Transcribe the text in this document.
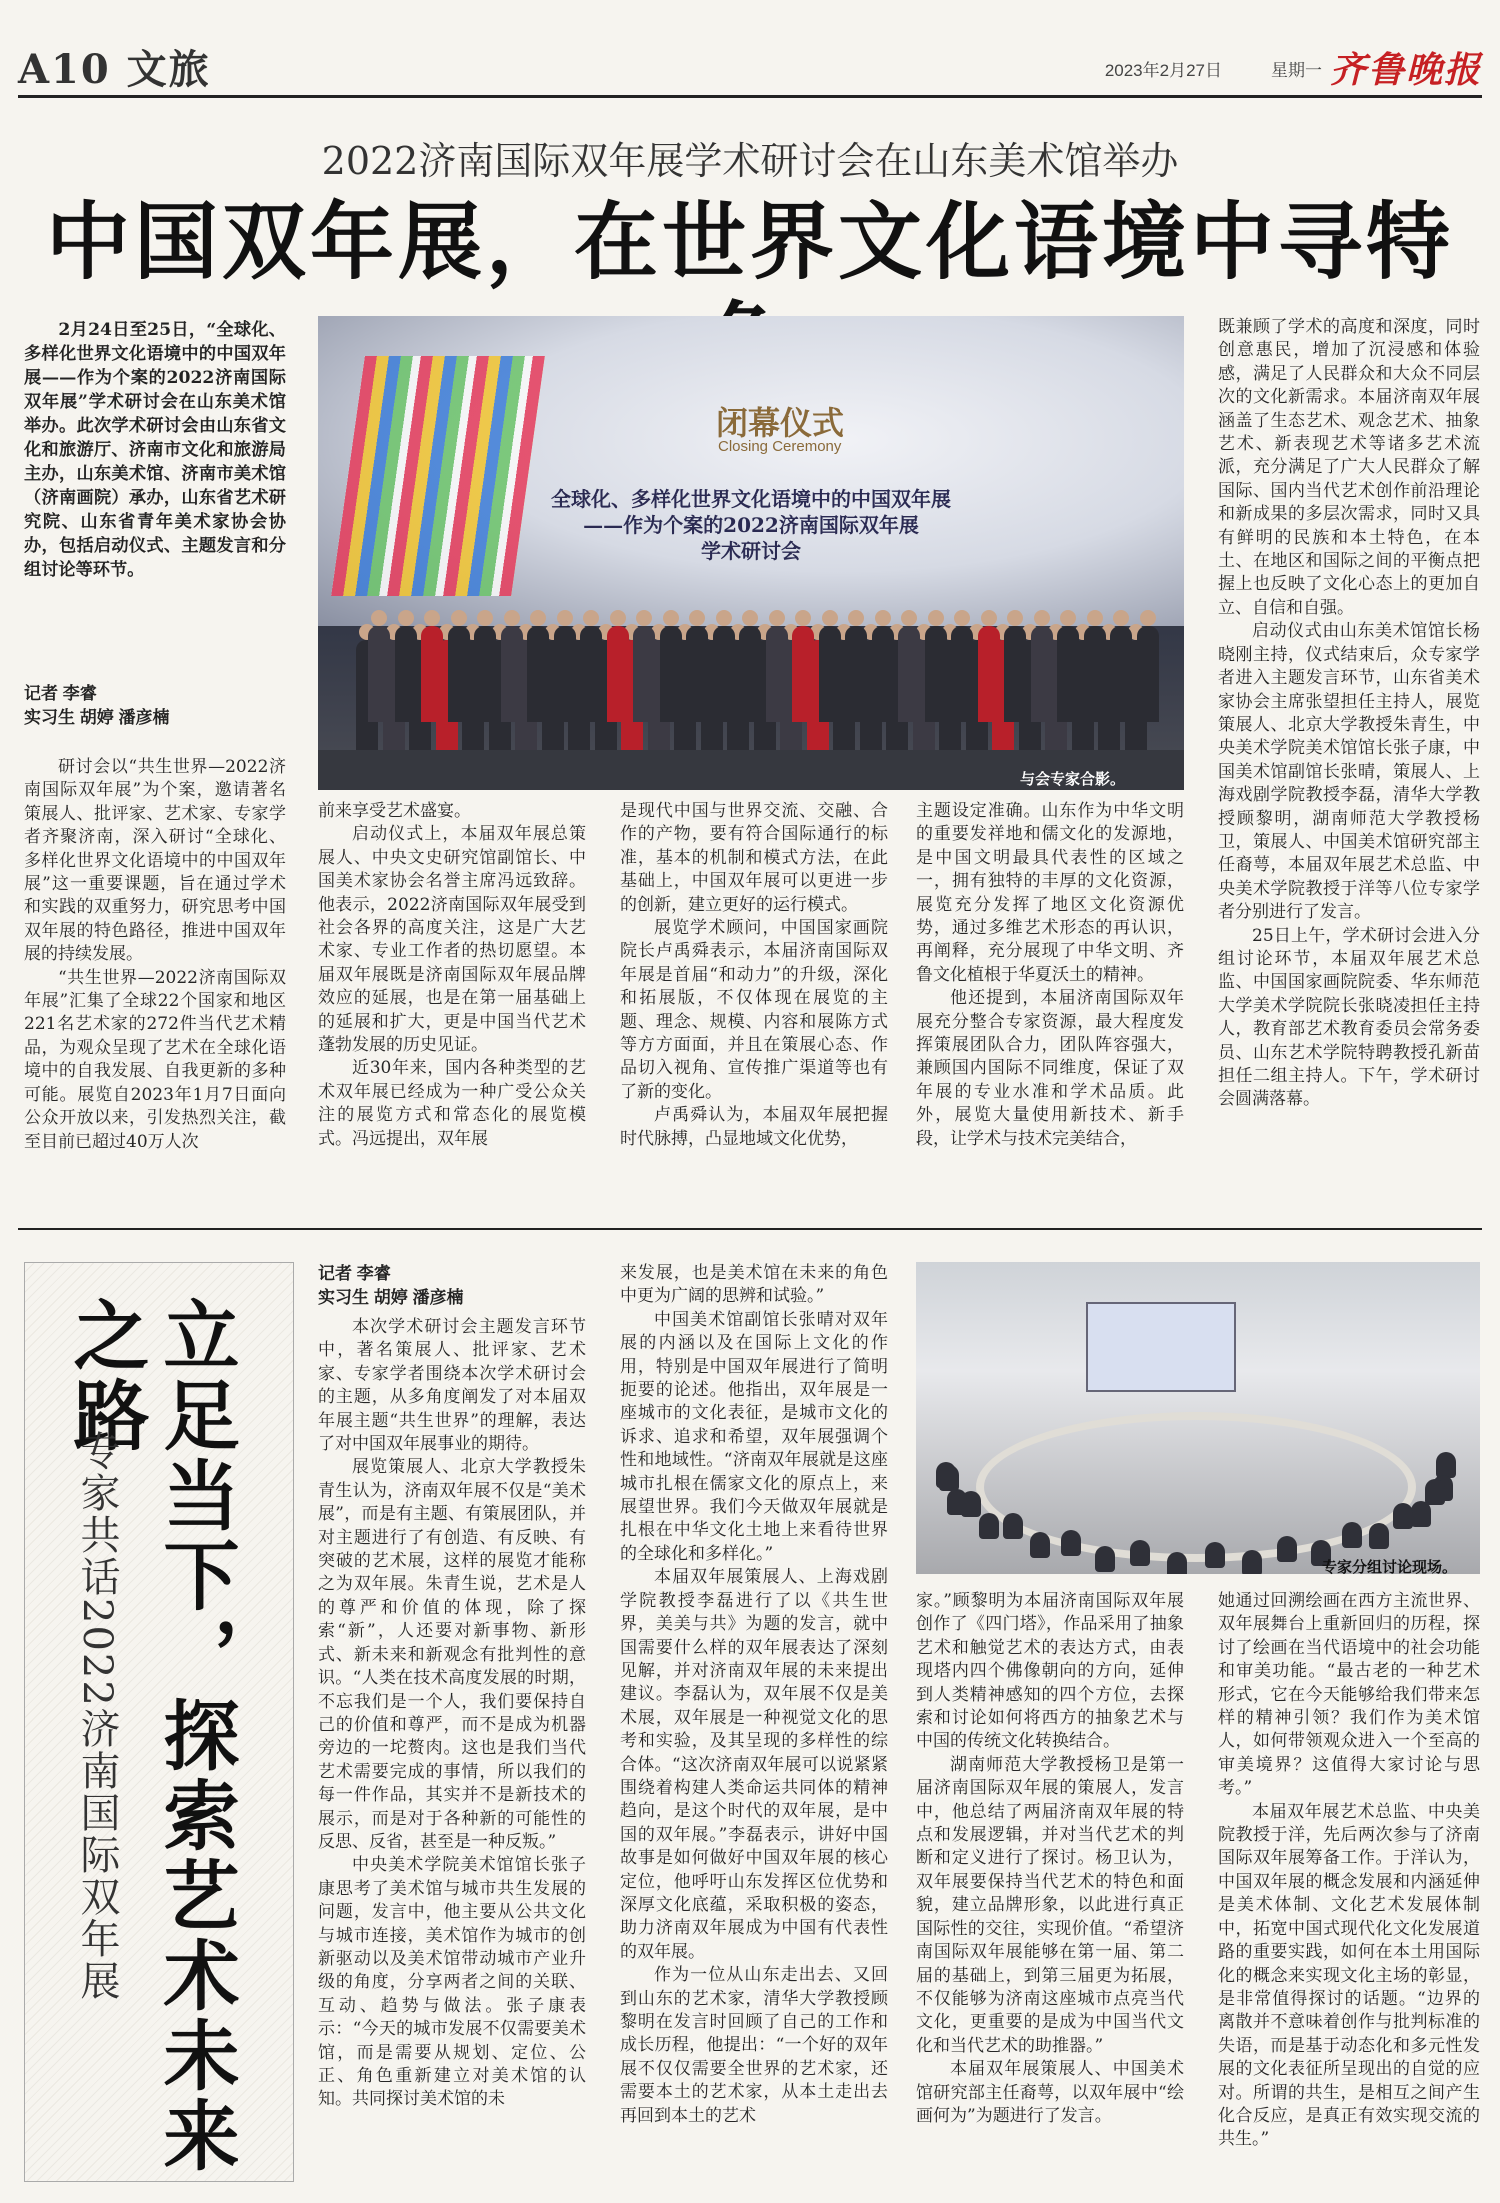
A10 文旅	2023年2月27日	星期一 齐鲁晚报
2022济南国际双年展学术研讨会在山东美术馆举办
中国双年展，在世界文化语境中寻特

2月24日至25日，“全球化、多样化世界文化语境中的中国双年展——作为个案的2022济南国际双年展”学术研讨会在山东美术馆举办。此次学术研讨会由山东省文化和旅游厅、济南市文化和旅游局主办，山东美术馆、济南市美术馆（济南画院）承办，山东省艺术研究院、山东省青年美术家协会协办，包括启动仪式、主题发言和分组讨论等环节。

记者 李睿
实习生 胡婷 潘彦楠

研讨会以“共生世界—2022济南国际双年展”为个案，邀请著名策展人、批评家、艺术家、专家学者齐聚济南，深入研讨“全球化、多样化世界文化语境中的中国双年展”这一重要课题，旨在通过学术和实践的双重努力，研究思考中国双年展的特色路径，推进中国双年展的持续发展。

“共生世界—2022济南国际双年展”汇集了全球22个国家和地区221名艺术家的272件当代艺术精品，为观众呈现了艺术在全球化语境中的自我发展、自我更新的多种可能。展览自2023年1月7日面向公众开放以来，引发热烈关注，截至目前已超过40万人次

闭幕仪式
Closing Ceremony
全球化、多样化世界文化语境中的中国双年展
——作为个案的2022济南国际双年展
学术研讨会
与会专家合影。

前来享受艺术盛宴。

启动仪式上，本届双年展总策展人、中央文史研究馆副馆长、中国美术家协会名誉主席冯远致辞。他表示，2022济南国际双年展受到社会各界的高度关注，这是广大艺术家、专业工作者的热切愿望。本届双年展既是济南国际双年展品牌效应的延展，也是在第一届基础上的延展和扩大，更是中国当代艺术蓬勃发展的历史见证。

近30年来，国内各种类型的艺术双年展已经成为一种广受公众关注的展览方式和常态化的展览模式。冯远提出，双年展

是现代中国与世界交流、交融、合作的产物，要有符合国际通行的标准，基本的机制和模式方法，在此基础上，中国双年展可以更进一步的创新，建立更好的运行模式。

展览学术顾问，中国国家画院院长卢禹舜表示，本届济南国际双年展是首届“和动力”的升级，深化和拓展版，不仅体现在展览的主题、理念、规模、内容和展陈方式等方方面面，并且在策展心态、作品切入视角、宣传推广渠道等也有了新的变化。

卢禹舜认为，本届双年展把握时代脉搏，凸显地域文化优势，

主题设定准确。山东作为中华文明的重要发祥地和儒文化的发源地，是中国文明最具代表性的区域之一，拥有独特的丰厚的文化资源，展览充分发挥了地区文化资源优势，通过多维艺术形态的再认识，再阐释，充分展现了中华文明、齐鲁文化植根于华夏沃土的精神。

他还提到，本届济南国际双年展充分整合专家资源，最大程度发挥策展团队合力，团队阵容强大，兼顾国内国际不同维度，保证了双年展的专业水准和学术品质。此外，展览大量使用新技术、新手段，让学术与技术完美结合，

既兼顾了学术的高度和深度，同时创意惠民，增加了沉浸感和体验感，满足了人民群众和大众不同层次的文化新需求。本届济南双年展涵盖了生态艺术、观念艺术、抽象艺术、新表现艺术等诸多艺术流派，充分满足了广大人民群众了解国际、国内当代艺术创作前沿理论和新成果的多层次需求，同时又具有鲜明的民族和本土特色，在本土、在地区和国际之间的平衡点把握上也反映了文化心态上的更加自立、自信和自强。

启动仪式由山东美术馆馆长杨晓刚主持，仪式结束后，众专家学者进入主题发言环节，山东省美术家协会主席张望担任主持人，展览策展人、北京大学教授朱青生，中央美术学院美术馆馆长张子康，中国美术馆副馆长张晴，策展人、上海戏剧学院教授李磊，清华大学教授顾黎明，湖南师范大学教授杨卫，策展人、中国美术馆研究部主任裔萼，本届双年展艺术总监、中央美术学院教授于洋等八位专家学者分别进行了发言。

25日上午，学术研讨会进入分组讨论环节，本届双年展艺术总监、中国国家画院院委、华东师范大学美术学院院长张晓凌担任主持人，教育部艺术教育委员会常务委员、山东艺术学院特聘教授孔新苗担任二组主持人。下午，学术研讨会圆满落幕。

立足当下，探索艺术未来之路
专家共话2022济南国际双年展
记者 李睿
实习生 胡婷 潘彦楠

本次学术研讨会主题发言环节中，著名策展人、批评家、艺术家、专家学者围绕本次学术研讨会的主题，从多角度阐发了对本届双年展主题“共生世界”的理解，表达了对中国双年展事业的期待。

展览策展人、北京大学教授朱青生认为，济南双年展不仅是“美术展”，而是有主题、有策展团队，并对主题进行了有创造、有反映、有突破的艺术展，这样的展览才能称之为双年展。朱青生说，艺术是人的尊严和价值的体现，除了探索“新”，人还要对新事物、新形式、新未来和新观念有批判性的意识。“人类在技术高度发展的时期，不忘我们是一个人，我们要保持自己的价值和尊严，而不是成为机器旁边的一坨赘肉。这也是我们当代艺术需要完成的事情，所以我们的每一件作品，其实并不是新技术的展示，而是对于各种新的可能性的反思、反省，甚至是一种反叛。”

中央美术学院美术馆馆长张子康思考了美术馆与城市共生发展的问题，发言中，他主要从公共文化与城市连接，美术馆作为城市的创新驱动以及美术馆带动城市产业升级的角度，分享两者之间的关联、互动、趋势与做法。张子康表示：“今天的城市发展不仅需要美术馆，而是需要从规划、定位、公正、角色重新建立对美术馆的认知。共同探讨美术馆的未

来发展，也是美术馆在未来的角色中更为广阔的思辨和试验。”

中国美术馆副馆长张晴对双年展的内涵以及在国际上文化的作用，特别是中国双年展进行了简明扼要的论述。他指出，双年展是一座城市的文化表征，是城市文化的诉求、追求和希望，双年展强调个性和地域性。“济南双年展就是这座城市扎根在儒家文化的原点上，来展望世界。我们今天做双年展就是扎根在中华文化土地上来看待世界的全球化和多样化。”

本届双年展策展人、上海戏剧学院教授李磊进行了以《共生世界，美美与共》为题的发言，就中国需要什么样的双年展表达了深刻见解，并对济南双年展的未来提出建议。李磊认为，双年展不仅是美术展，双年展是一种视觉文化的思考和实验，及其呈现的多样性的综合体。“这次济南双年展可以说紧紧围绕着构建人类命运共同体的精神趋向，是这个时代的双年展，是中国的双年展。”李磊表示，讲好中国故事是如何做好中国双年展的核心定位，他呼吁山东发挥区位优势和深厚文化底蕴，采取积极的姿态，助力济南双年展成为中国有代表性的双年展。

作为一位从山东走出去、又回到山东的艺术家，清华大学教授顾黎明在发言时回顾了自己的工作和成长历程，他提出：“一个好的双年展不仅仅需要全世界的艺术家，还需要本土的艺术家，从本土走出去再回到本土的艺术

专家分组讨论现场。

家。”顾黎明为本届济南国际双年展创作了《四门塔》，作品采用了抽象艺术和触觉艺术的表达方式，由表现塔内四个佛像朝向的方向，延伸到人类精神感知的四个方位，去探索和讨论如何将西方的抽象艺术与中国的传统文化转换结合。

湖南师范大学教授杨卫是第一届济南国际双年展的策展人，发言中，他总结了两届济南双年展的特点和发展逻辑，并对当代艺术的判断和定义进行了探讨。杨卫认为，双年展要保持当代艺术的特色和面貌，建立品牌形象，以此进行真正国际性的交往，实现价值。“希望济南国际双年展能够在第一届、第二届的基础上，到第三届更为拓展，不仅能够为济南这座城市点亮当代文化，更重要的是成为中国当代文化和当代艺术的助推器。”

本届双年展策展人、中国美术馆研究部主任裔萼，以双年展中“绘画何为”为题进行了发言。

她通过回溯绘画在西方主流世界、双年展舞台上重新回归的历程，探讨了绘画在当代语境中的社会功能和审美功能。“最古老的一种艺术形式，它在今天能够给我们带来怎样的精神引领？我们作为美术馆人，如何带领观众进入一个至高的审美境界？这值得大家讨论与思考。”

本届双年展艺术总监、中央美院教授于洋，先后两次参与了济南国际双年展筹备工作。于洋认为，中国双年展的概念发展和内涵延伸是美术体制、文化艺术发展体制中，拓宽中国式现代化文化发展道路的重要实践，如何在本土用国际化的概念来实现文化主场的彰显，是非常值得探讨的话题。“边界的离散并不意味着创作与批判标准的失语，而是基于动态化和多元性发展的文化表征所呈现出的自觉的应对。所谓的共生，是相互之间产生化合反应，是真正有效实现交流的共生。”
